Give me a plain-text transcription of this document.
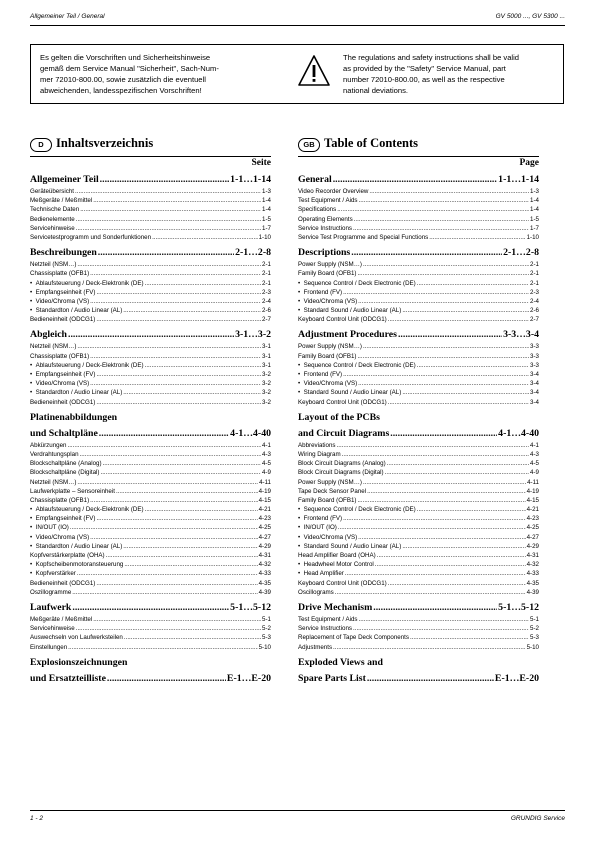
Allgemeiner Teil / General	GV 5000 ..., GV 5300 ...
Es gelten die Vorschriften und Sicherheitshinweise
gemäß dem Service Manual "Sicherheit", Sach-Num-
mer 72010-800.00, sowie zusätzlich die eventuell
abweichenden, landesspezifischen Vorschriften!
The regulations and safety instructions shall be valid
as provided by the "Safety" Service Manual, part
number 72010-800.00, as well as the respective
national deviations.
D Inhaltsverzeichnis
Seite
Allgemeiner Teil .....	1-1…1-14
Geräteübersicht .....	1-3
Meßgeräte / Meßmittel .....	1-4
Technische Daten .....	1-4
Bedienelemente .....	1-5
Servicehinweise .....	1-7
Servicetestprogramm und Sonderfunktionen .....	1-10
Beschreibungen .....	2-1…2-8
Netzteil (NSM…) .....	2-1
Chassisplatte (OFB1) .....	2-1
•  Ablaufsteuerung / Deck-Elektronik (DE) .....	2-1
•  Empfangseinheit (FV) .....	2-3
•  Video/Chroma (VS) .....	2-4
•  Standardton / Audio Linear (AL) .....	2-6
Bedieneinheit (ODCG1) .....	2-7
Abgleich .....	3-1…3-2
Netzteil (NSM…) .....	3-1
Chassisplatte (OFB1) .....	3-1
•  Ablaufsteuerung / Deck-Elektronik (DE) .....	3-1
•  Empfangseinheit (FV) .....	3-2
•  Video/Chroma (VS) .....	3-2
•  Standardton / Audio Linear (AL) .....	3-2
Bedieneinheit (ODCG1) .....	3-2
Platinenabbildungen
und Schaltpläne .....	4-1…4-40
Abkürzungen .....	4-1
Verdrahtungsplan .....	4-3
Blockschaltpläne (Analog) .....	4-5
Blockschaltpläne (Digital) .....	4-9
Netzteil (NSM…) .....	4-11
Laufwerkplatte – Sensoreinheit .....	4-19
Chassisplatte (OFB1) .....	4-15
•  Ablaufsteuerung / Deck-Elektronik (DE) .....	4-21
•  Empfangseinheit (FV) .....	4-23
•  IN/OUT (IO) .....	4-25
•  Video/Chroma (VS) .....	4-27
•  Standardton / Audio Linear (AL) .....	4-29
Kopfverstärkerplatte (OHA) .....	4-31
•  Kopfscheibenmotoransteuerung .....	4-32
•  Kopfverstärker .....	4-33
Bedieneinheit (ODCG1) .....	4-35
Oszillogramme .....	4-39
Laufwerk .....	5-1…5-12
Meßgeräte / Meßmittel .....	5-1
Servicehinweise .....	5-2
Auswechseln von Laufwerksteilen .....	5-3
Einstellungen .....	5-10
Explosionszeichnungen
und Ersatzteilliste .....	E-1…E-20
GB Table of Contents
Page
General .....	1-1…1-14
Video Recorder Overview .....	1-3
Test Equipment / Aids .....	1-4
Specifications .....	1-4
Operating Elements .....	1-5
Service Instructions .....	1-7
Service Test Programme and Special Functions .....	1-10
Descriptions .....	2-1…2-8
Power Supply (NSM…) .....	2-1
Family Board (OFB1) .....	2-1
•  Sequence Control / Deck Electronic (DE) .....	2-1
•  Frontend (FV) .....	2-3
•  Video/Chroma (VS) .....	2-4
•  Standard Sound / Audio Linear (AL) .....	2-6
Keyboard Control Unit (ODCG1) .....	2-7
Adjustment Procedures .....	3-3…3-4
Power Supply (NSM…) .....	3-3
Family Board (OFB1) .....	3-3
•  Sequence Control / Deck Electronic (DE) .....	3-3
•  Frontend (FV) .....	3-4
•  Video/Chroma (VS) .....	3-4
•  Standard Sound / Audio Linear (AL) .....	3-4
Keyboard Control Unit (ODCG1) .....	3-4
Layout of the PCBs
and Circuit Diagrams .....	4-1…4-40
Abbreviations .....	4-1
Wiring Diagram .....	4-3
Block Circuit Diagrams (Analog) .....	4-5
Block Circuit Diagrams (Digital) .....	4-9
Power Supply (NSM…) .....	4-11
Tape Deck Sensor Panel .....	4-19
Family Board (OFB1) .....	4-15
•  Sequence Control / Deck Electronic (DE) .....	4-21
•  Frontend (FV) .....	4-23
•  IN/OUT (IO) .....	4-25
•  Video/Chroma (VS) .....	4-27
•  Standard Sound / Audio Linear (AL) .....	4-29
Head Amplifier Board (OHA) .....	4-31
•  Headwheel Motor Control .....	4-32
•  Head Amplifier .....	4-33
Keyboard Control Unit (ODCG1) .....	4-35
Oscillograms .....	4-39
Drive Mechanism .....	5-1…5-12
Test Equipment / Aids .....	5-1
Service Instructions .....	5-2
Replacement of Tape Deck Components .....	5-3
Adjustments .....	5-10
Exploded Views and
Spare Parts List .....	E-1…E-20
1 - 2	GRUNDIG Service
